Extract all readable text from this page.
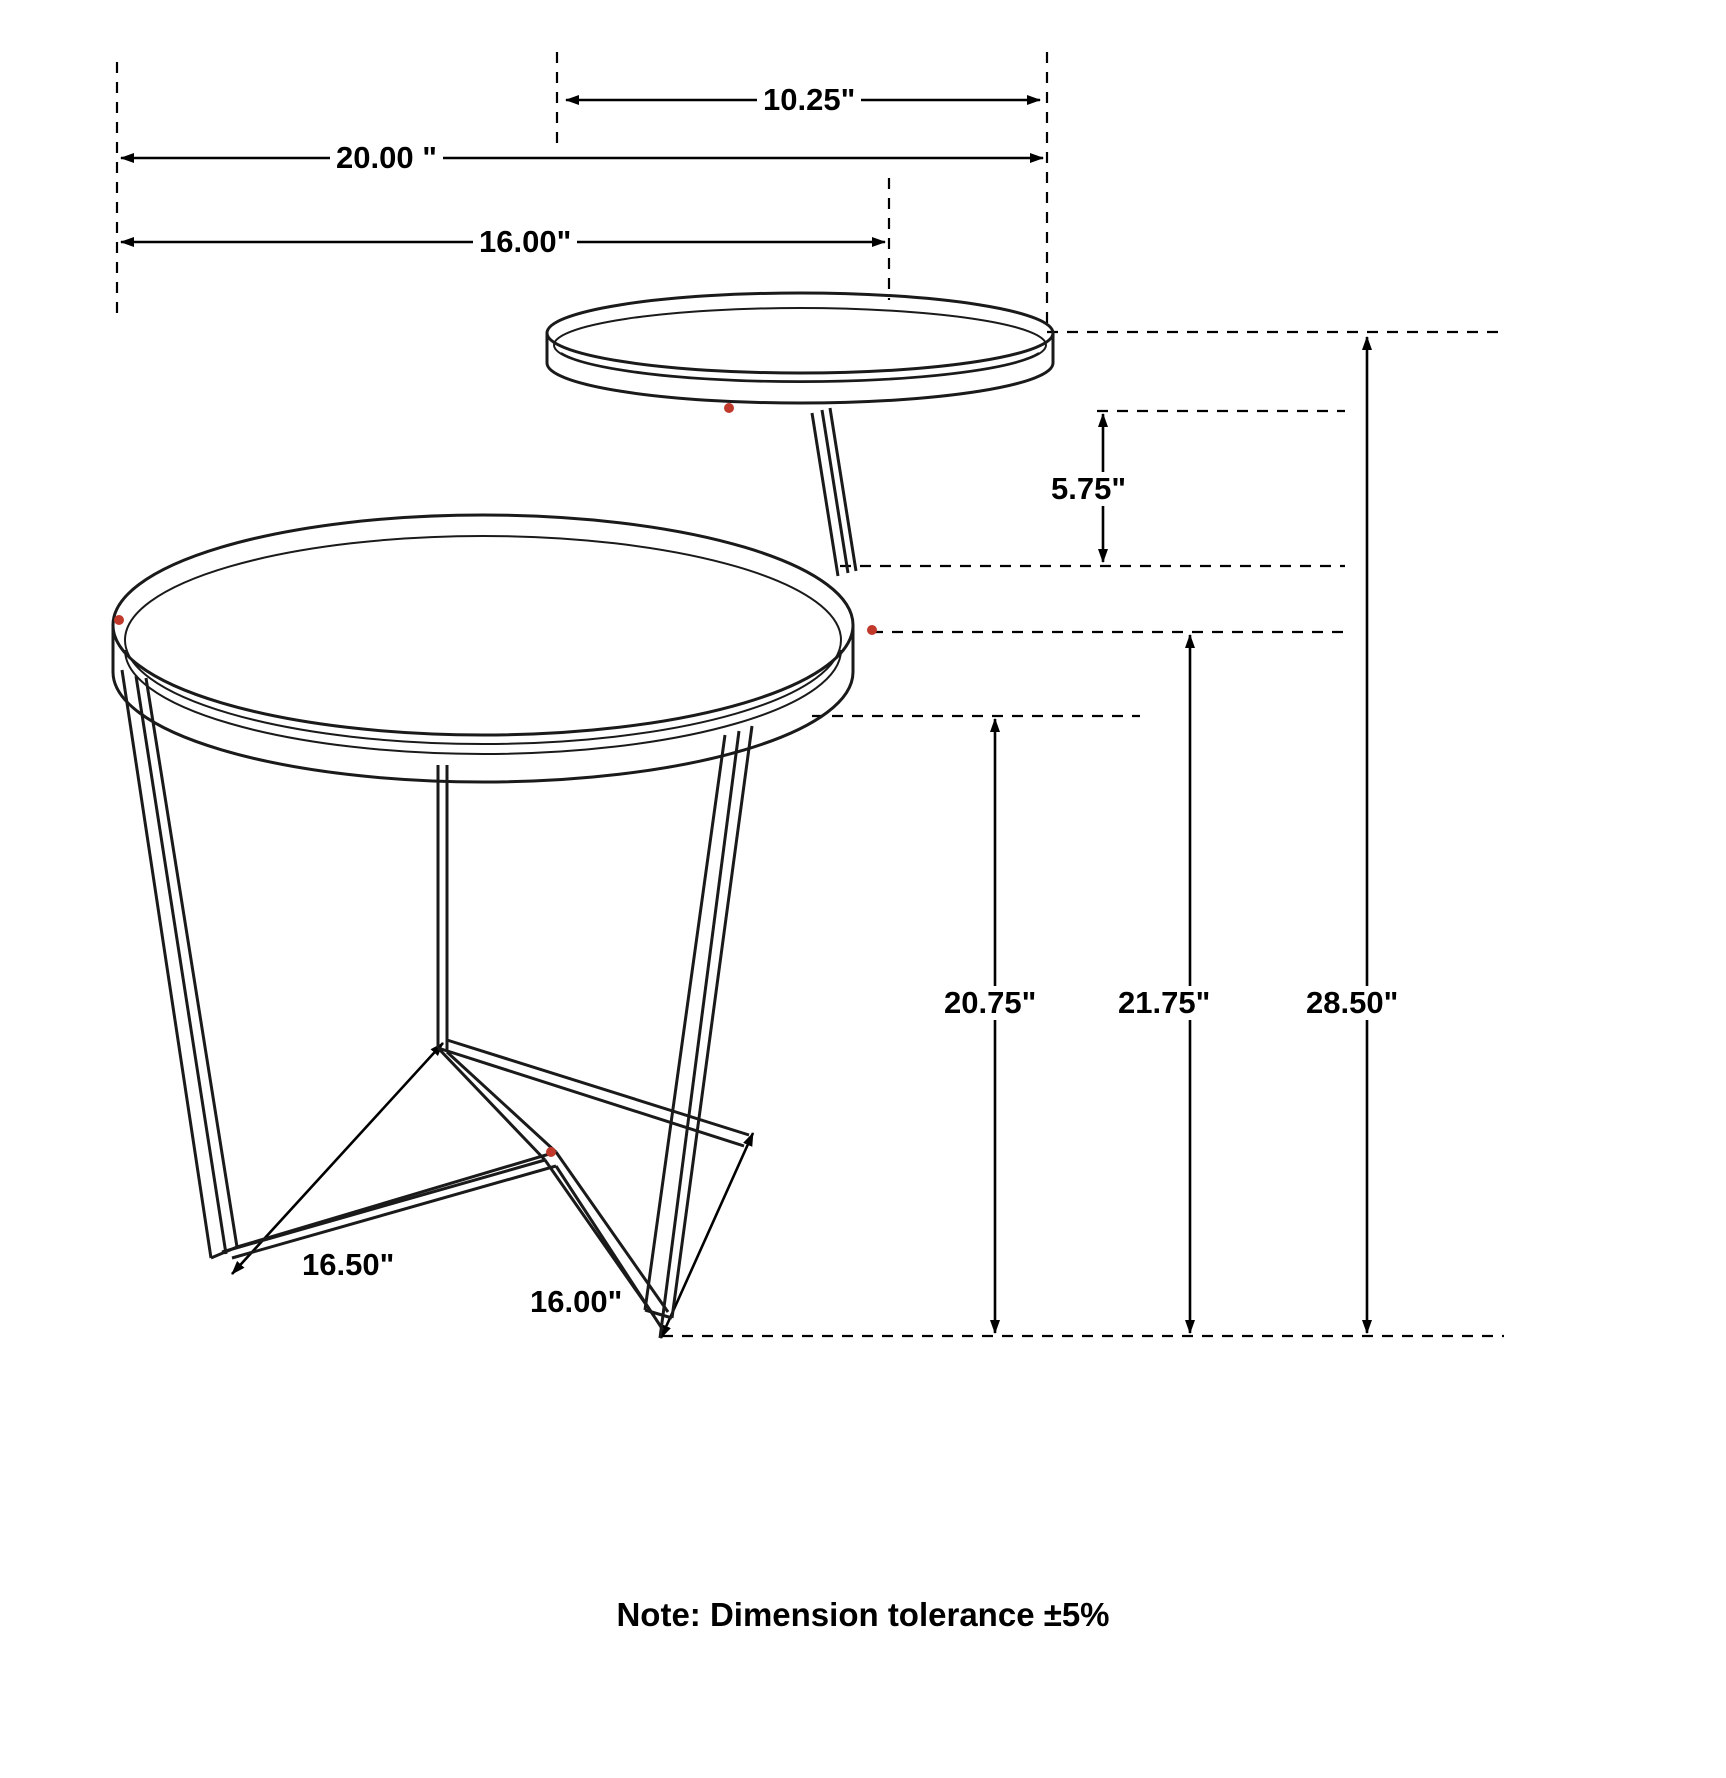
10.25"
20.00 "
16.00"
5.75"
20.75"	21.75"	28.50"
16.50"
16.00"
Note: Dimension tolerance ±5%
